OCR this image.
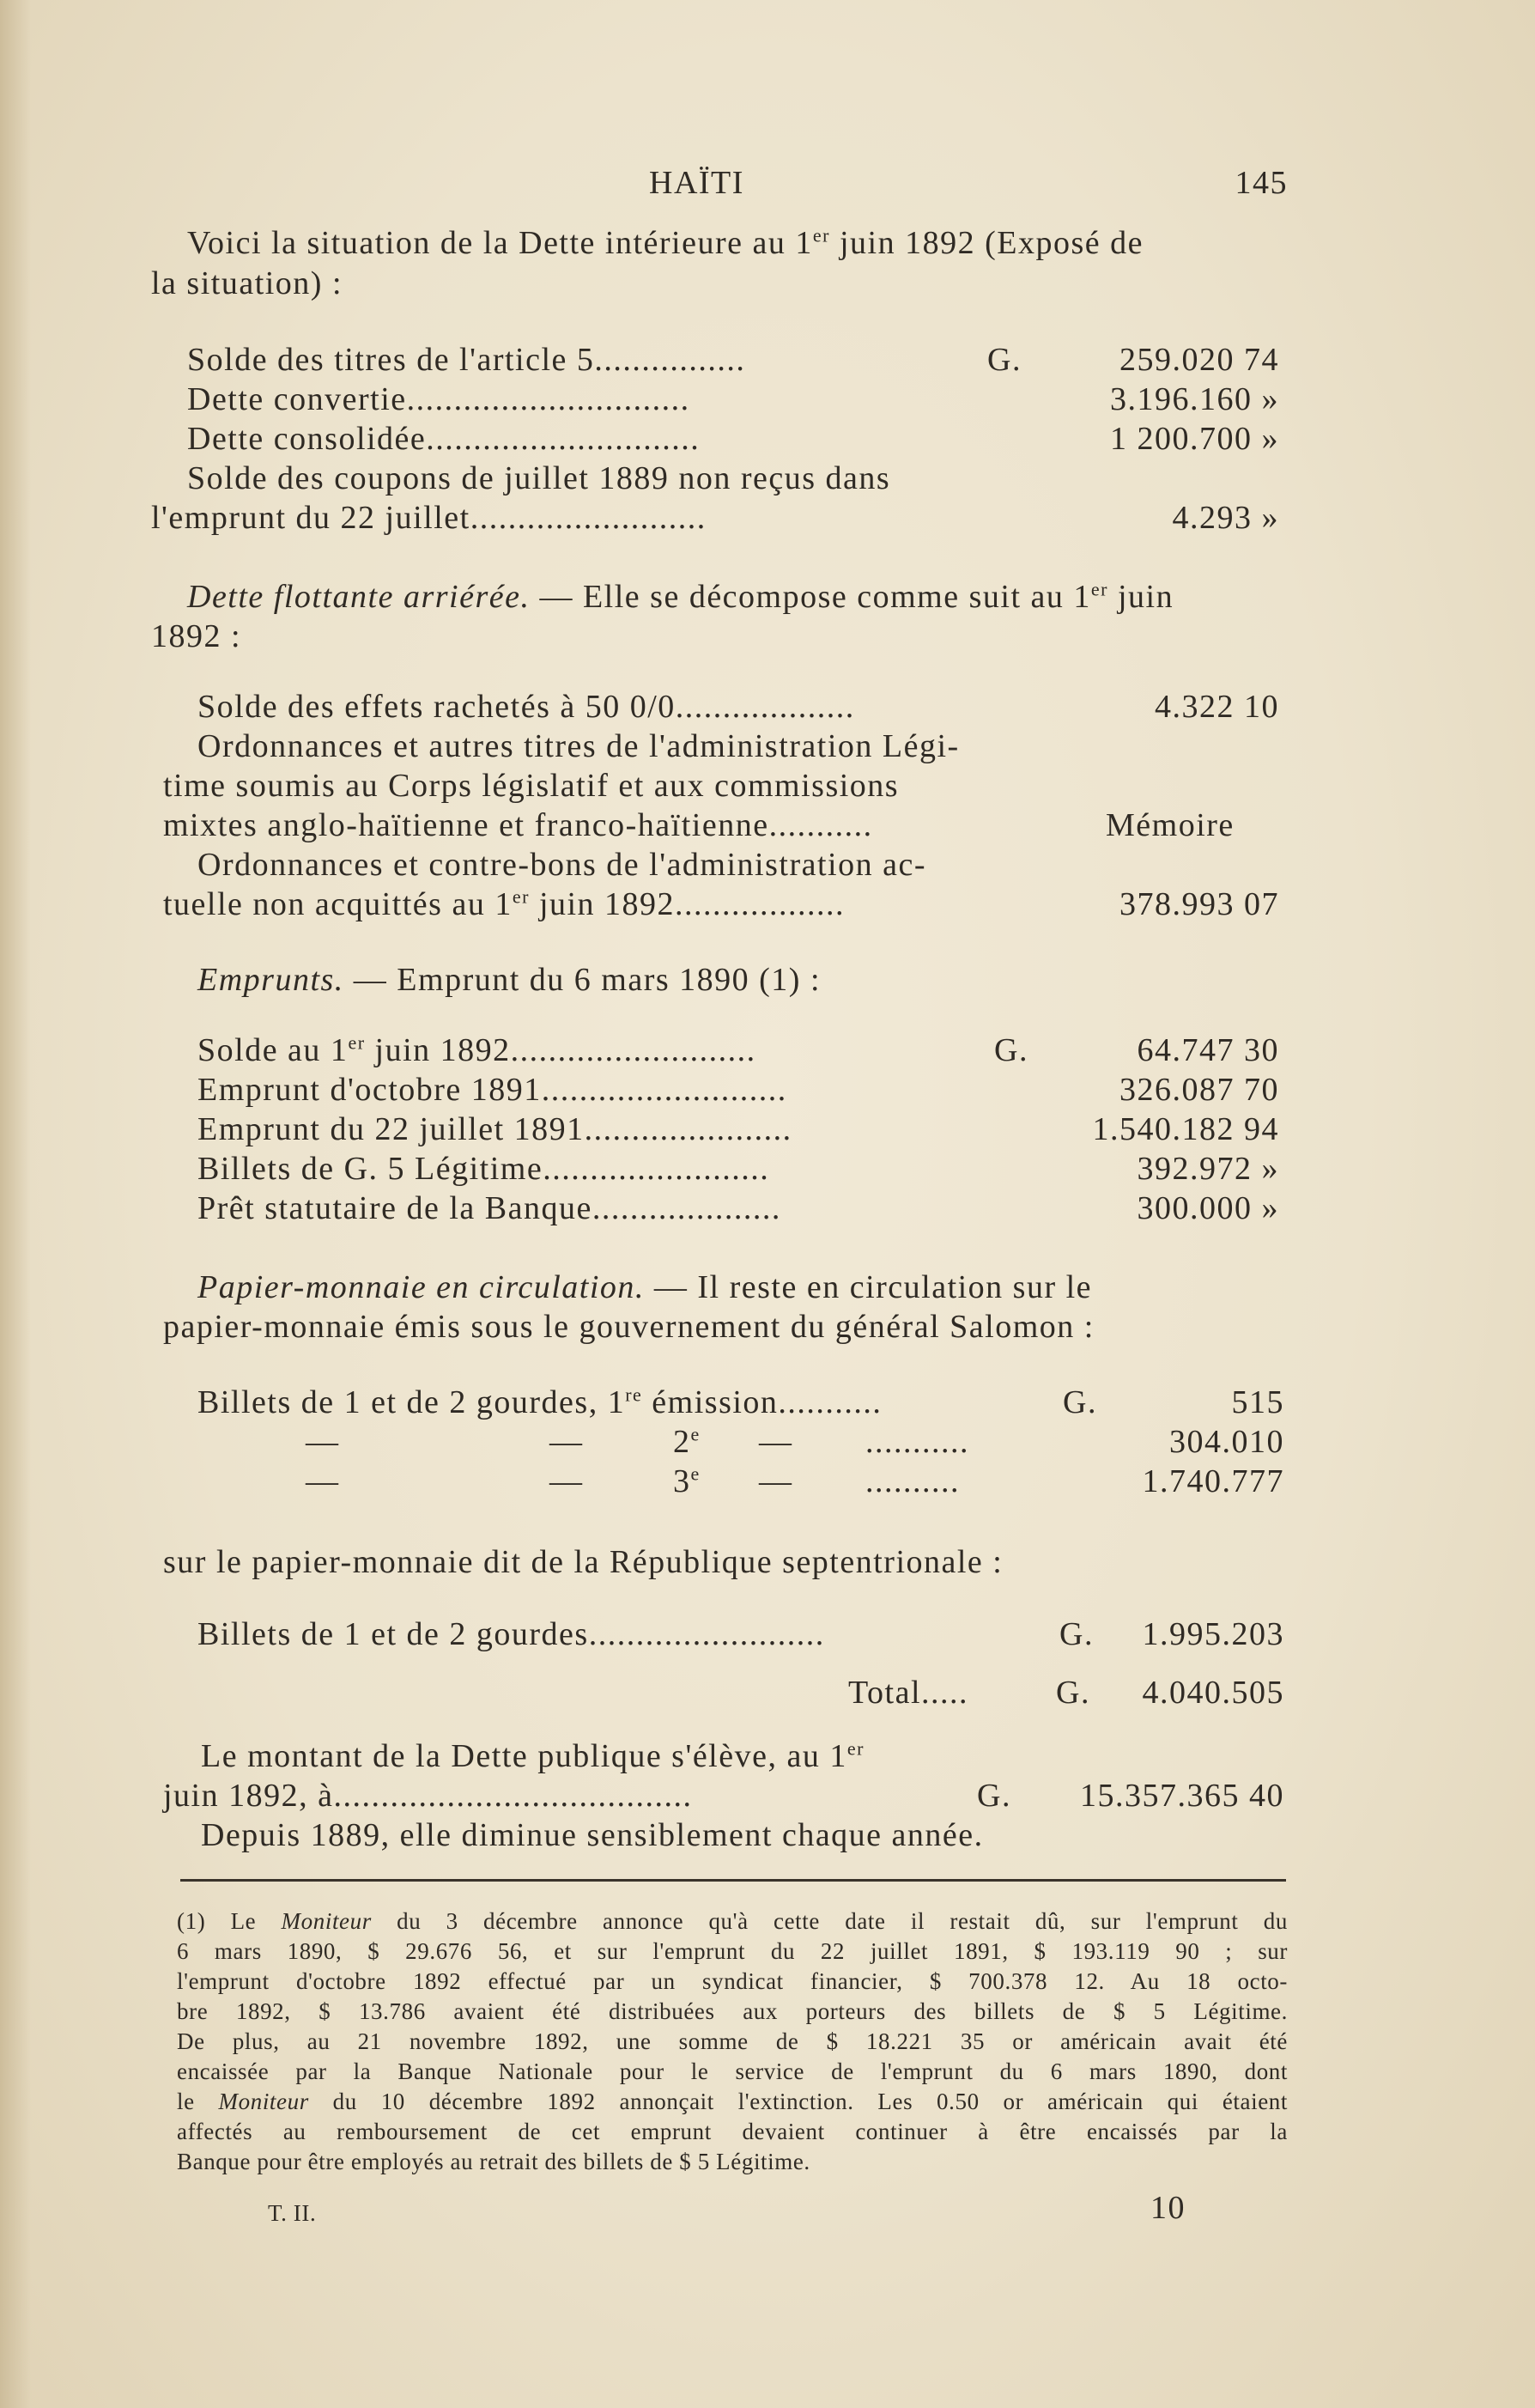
HAÏTI	145
Voici la situation de la Dette intérieure au 1er juin 1892 (Exposé de
la situation) :
Solde des titres de l'article 5................	G.	259.020 74
Dette convertie..............................	3.196.160 »
Dette consolidée.............................	1 200.700 »
Solde des coupons de juillet 1889 non reçus dans
l'emprunt du 22 juillet.........................	4.293 »
Dette flottante arriérée. — Elle se décompose comme suit au 1er juin
1892 :
Solde des effets rachetés à 50 0/0...................	4.322 10
Ordonnances et autres titres de l'administration Légi-
time soumis au Corps législatif et aux commissions
mixtes anglo-haïtienne et franco-haïtienne...........	Mémoire
Ordonnances et contre-bons de l'administration ac-
tuelle non acquittés au 1er juin 1892..................	378.993 07
Emprunts. — Emprunt du 6 mars 1890 (1) :
Solde au 1er juin 1892..........................	G.	64.747 30
Emprunt d'octobre 1891..........................	326.087 70
Emprunt du 22 juillet 1891......................	1.540.182 94
Billets de G. 5 Légitime........................	392.972 »
Prêt statutaire de la Banque....................	300.000 »
Papier-monnaie en circulation. — Il reste en circulation sur le
papier-monnaie émis sous le gouvernement du général Salomon :
Billets de 1 et de 2 gourdes, 1re émission...........	G.	515
—	—	2e — ...........	304.010
—	—	3e — ..........	1.740.777
sur le papier-monnaie dit de la République septentrionale :
Billets de 1 et de 2 gourdes.........................	G.	1.995.203
Total.....	G.	4.040.505
Le montant de la Dette publique s'élève, au 1er
juin 1892, à......................................	G.	15.357.365 40
Depuis 1889, elle diminue sensiblement chaque année.
(1) Le Moniteur du 3 décembre annonce qu'à cette date il restait dû, sur l'emprunt du
6 mars 1890, $ 29.676 56, et sur l'emprunt du 22 juillet 1891, $ 193.119 90 ; sur
l'emprunt d'octobre 1892 effectué par un syndicat financier, $ 700.378 12. Au 18 octo-
bre 1892, $ 13.786 avaient été distribuées aux porteurs des billets de $ 5 Légitime.
De plus, au 21 novembre 1892, une somme de $ 18.221 35 or américain avait été
encaissée par la Banque Nationale pour le service de l'emprunt du 6 mars 1890, dont
le Moniteur du 10 décembre 1892 annonçait l'extinction. Les 0.50 or américain qui étaient
affectés au remboursement de cet emprunt devaient continuer à être encaissés par la
Banque pour être employés au retrait des billets de $ 5 Légitime.
T. II.	10
